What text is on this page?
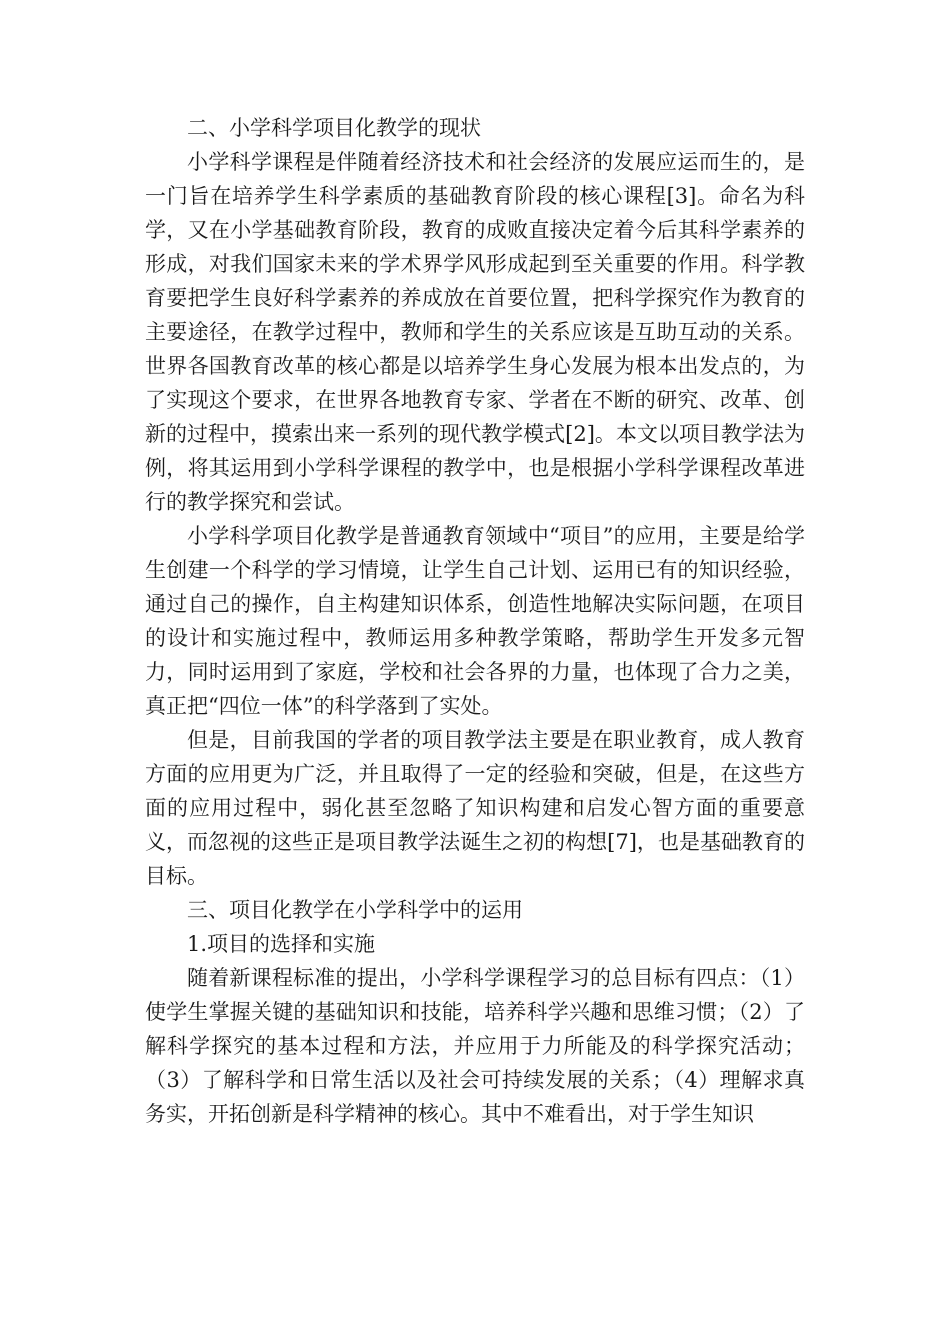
二、小学科学项目化教学的现状

小学科学课程是伴随着经济技术和社会经济的发展应运而生的，是一门旨在培养学生科学素质的基础教育阶段的核心课程[3]。命名为科学，又在小学基础教育阶段，教育的成败直接决定着今后其科学素养的形成，对我们国家未来的学术界学风形成起到至关重要的作用。科学教育要把学生良好科学素养的养成放在首要位置，把科学探究作为教育的主要途径，在教学过程中，教师和学生的关系应该是互助互动的关系。世界各国教育改革的核心都是以培养学生身心发展为根本出发点的，为了实现这个要求，在世界各地教育专家、学者在不断的研究、改革、创新的过程中，摸索出来一系列的现代教学模式[2]。本文以项目教学法为例，将其运用到小学科学课程的教学中，也是根据小学科学课程改革进行的教学探究和尝试。

小学科学项目化教学是普通教育领域中“项目”的应用，主要是给学生创建一个科学的学习情境，让学生自己计划、运用已有的知识经验，通过自己的操作，自主构建知识体系，创造性地解决实际问题，在项目的设计和实施过程中，教师运用多种教学策略，帮助学生开发多元智力，同时运用到了家庭，学校和社会各界的力量，也体现了合力之美，真正把“四位一体”的科学落到了实处。

但是，目前我国的学者的项目教学法主要是在职业教育，成人教育方面的应用更为广泛，并且取得了一定的经验和突破，但是，在这些方面的应用过程中，弱化甚至忽略了知识构建和启发心智方面的重要意义，而忽视的这些正是项目教学法诞生之初的构想[7]，也是基础教育的目标。

三、项目化教学在小学科学中的运用

1.项目的选择和实施

随着新课程标准的提出，小学科学课程学习的总目标有四点：（1）使学生掌握关键的基础知识和技能，培养科学兴趣和思维习惯；（2）了解科学探究的基本过程和方法，并应用于力所能及的科学探究活动；（3）了解科学和日常生活以及社会可持续发展的关系；（4）理解求真务实，开拓创新是科学精神的核心。其中不难看出，对于学生知识
